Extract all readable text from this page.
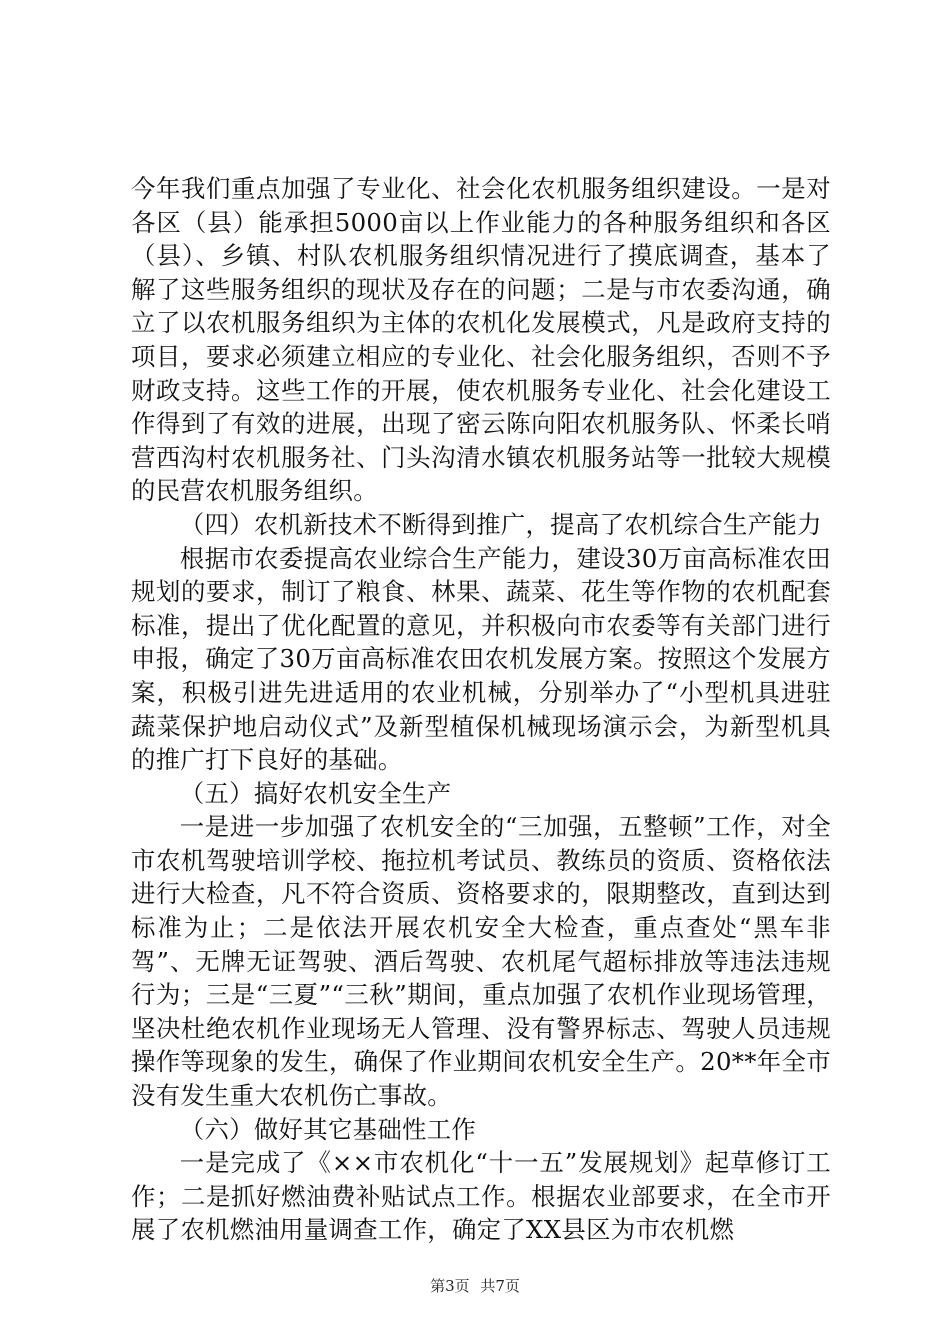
今年我们重点加强了专业化、社会化农机服务组织建设。一是对各区（县）能承担5000亩以上作业能力的各种服务组织和各区（县）、乡镇、村队农机服务组织情况进行了摸底调查，基本了解了这些服务组织的现状及存在的问题；二是与市农委沟通，确立了以农机服务组织为主体的农机化发展模式，凡是政府支持的项目，要求必须建立相应的专业化、社会化服务组织，否则不予财政支持。这些工作的开展，使农机服务专业化、社会化建设工作得到了有效的进展，出现了密云陈向阳农机服务队、怀柔长哨营西沟村农机服务社、门头沟清水镇农机服务站等一批较大规模的民营农机服务组织。

（四）农机新技术不断得到推广，提高了农机综合生产能力

根据市农委提高农业综合生产能力，建设30万亩高标准农田规划的要求，制订了粮食、林果、蔬菜、花生等作物的农机配套标准，提出了优化配置的意见，并积极向市农委等有关部门进行申报，确定了30万亩高标准农田农机发展方案。按照这个发展方案，积极引进先进适用的农业机械，分别举办了“小型机具进驻蔬菜保护地启动仪式”及新型植保机械现场演示会，为新型机具的推广打下良好的基础。

（五）搞好农机安全生产

一是进一步加强了农机安全的“三加强，五整顿”工作，对全市农机驾驶培训学校、拖拉机考试员、教练员的资质、资格依法进行大检查，凡不符合资质、资格要求的，限期整改，直到达到标准为止；二是依法开展农机安全大检查，重点查处“黑车非驾”、无牌无证驾驶、酒后驾驶、农机尾气超标排放等违法违规行为；三是“三夏”“三秋”期间，重点加强了农机作业现场管理，坚决杜绝农机作业现场无人管理、没有警界标志、驾驶人员违规操作等现象的发生，确保了作业期间农机安全生产。20**年全市没有发生重大农机伤亡事故。

（六）做好其它基础性工作

一是完成了《××市农机化“十一五”发展规划》起草修订工作；二是抓好燃油费补贴试点工作。根据农业部要求，在全市开展了农机燃油用量调查工作，确定了XX县区为市农机燃

第3页 共7页
